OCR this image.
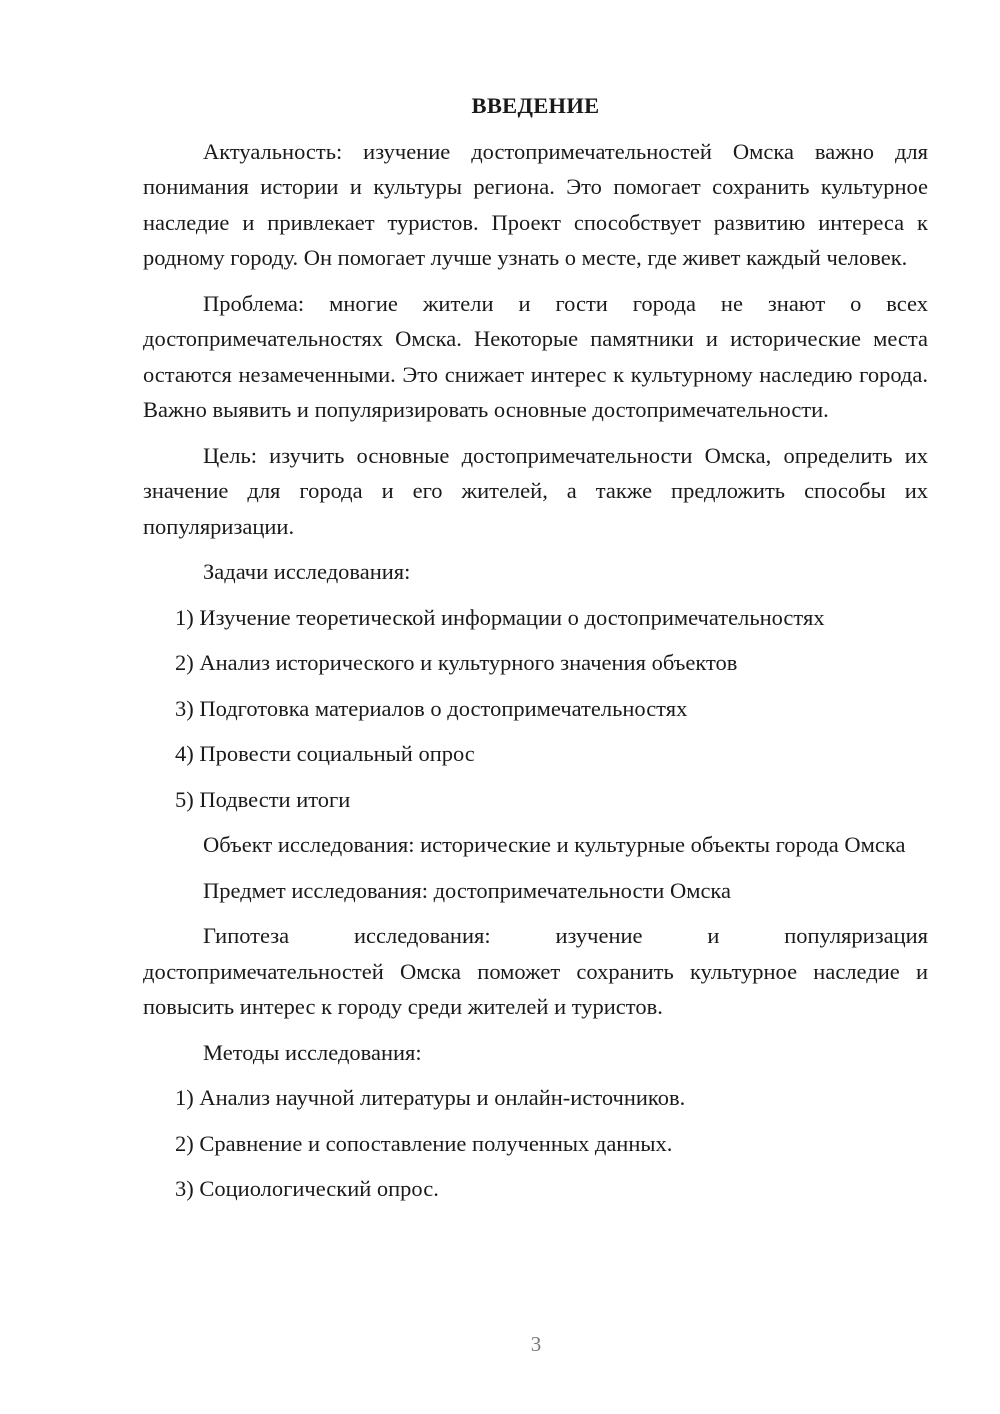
ВВЕДЕНИЕ

Актуальность: изучение достопримечательностей Омска важно для понимания истории и культуры региона. Это помогает сохранить культурное наследие и привлекает туристов. Проект способствует развитию интереса к родному городу. Он помогает лучше узнать о месте, где живет каждый человек.

Проблема: многие жители и гости города не знают о всех достопримечательностях Омска. Некоторые памятники и исторические места остаются незамеченными. Это снижает интерес к культурному наследию города. Важно выявить и популяризировать основные достопримечательности.

Цель: изучить основные достопримечательности Омска, определить их значение для города и его жителей, а также предложить способы их популяризации.

Задачи исследования:

1) Изучение теоретической информации о достопримечательностях
2) Анализ исторического и культурного значения объектов
3) Подготовка материалов о достопримечательностях
4) Провести социальный опрос
5) Подвести итоги

Объект исследования: исторические и культурные объекты города Омска

Предмет исследования: достопримечательности Омска

Гипотеза исследования: изучение и популяризация достопримечательностей Омска поможет сохранить культурное наследие и повысить интерес к городу среди жителей и туристов.

Методы исследования:

1) Анализ научной литературы и онлайн-источников.
2) Сравнение и сопоставление полученных данных.
3) Социологический опрос.
3
